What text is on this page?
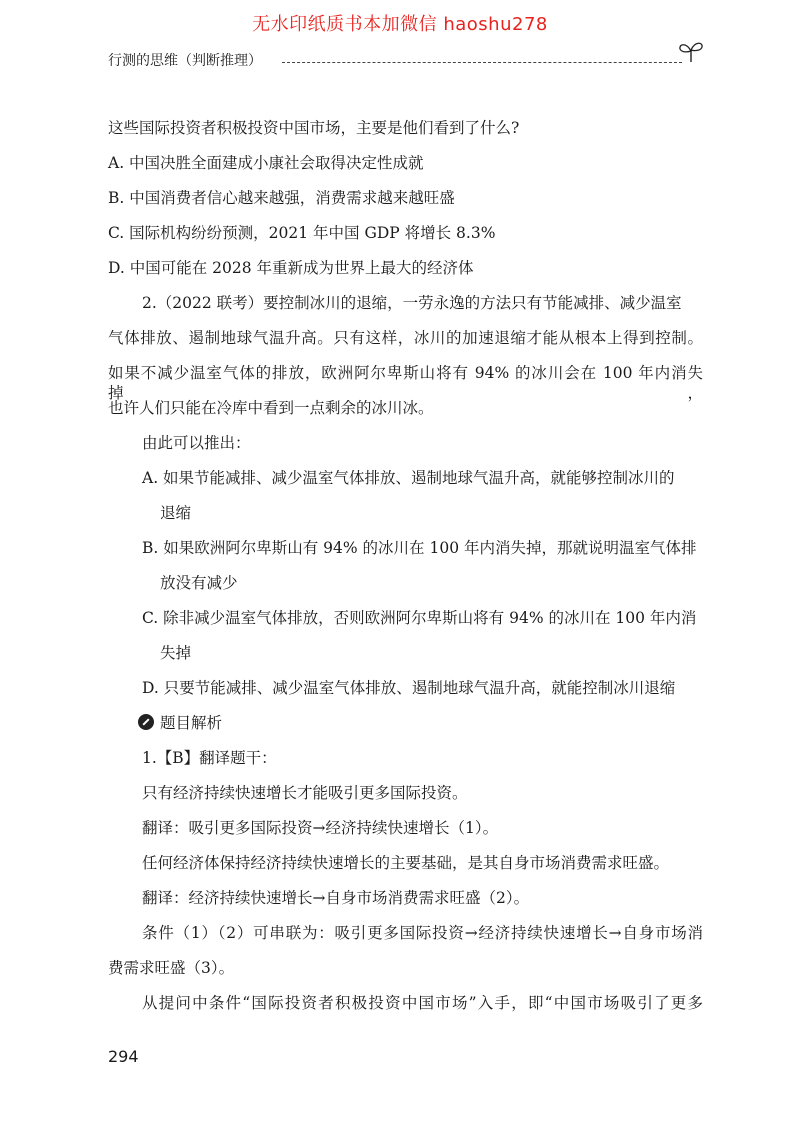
无水印纸质书本加微信 haoshu278
行测的思维（判断推理）
这些国际投资者积极投资中国市场，主要是他们看到了什么?
A. 中国决胜全面建成小康社会取得决定性成就
B. 中国消费者信心越来越强，消费需求越来越旺盛
C. 国际机构纷纷预测，2021 年中国 GDP 将增长 8.3%
D. 中国可能在 2028 年重新成为世界上最大的经济体
2.（2022 联考）要控制冰川的退缩，一劳永逸的方法只有节能减排、减少温室
气体排放、遏制地球气温升高。只有这样，冰川的加速退缩才能从根本上得到控制。
如果不减少温室气体的排放，欧洲阿尔卑斯山将有 94% 的冰川会在 100 年内消失掉，
也许人们只能在冷库中看到一点剩余的冰川冰。
由此可以推出：
A. 如果节能减排、减少温室气体排放、遏制地球气温升高，就能够控制冰川的
退缩
B. 如果欧洲阿尔卑斯山有 94% 的冰川在 100 年内消失掉，那就说明温室气体排
放没有减少
C. 除非减少温室气体排放，否则欧洲阿尔卑斯山将有 94% 的冰川在 100 年内消
失掉
D. 只要节能减排、减少温室气体排放、遏制地球气温升高，就能控制冰川退缩
题目解析
1.【B】翻译题干：
只有经济持续快速增长才能吸引更多国际投资。
翻译：吸引更多国际投资→经济持续快速增长（1）。
任何经济体保持经济持续快速增长的主要基础，是其自身市场消费需求旺盛。
翻译：经济持续快速增长→自身市场消费需求旺盛（2）。
条件（1）（2）可串联为：吸引更多国际投资→经济持续快速增长→自身市场消
费需求旺盛（3）。
从提问中条件“国际投资者积极投资中国市场”入手，即“中国市场吸引了更多
294
